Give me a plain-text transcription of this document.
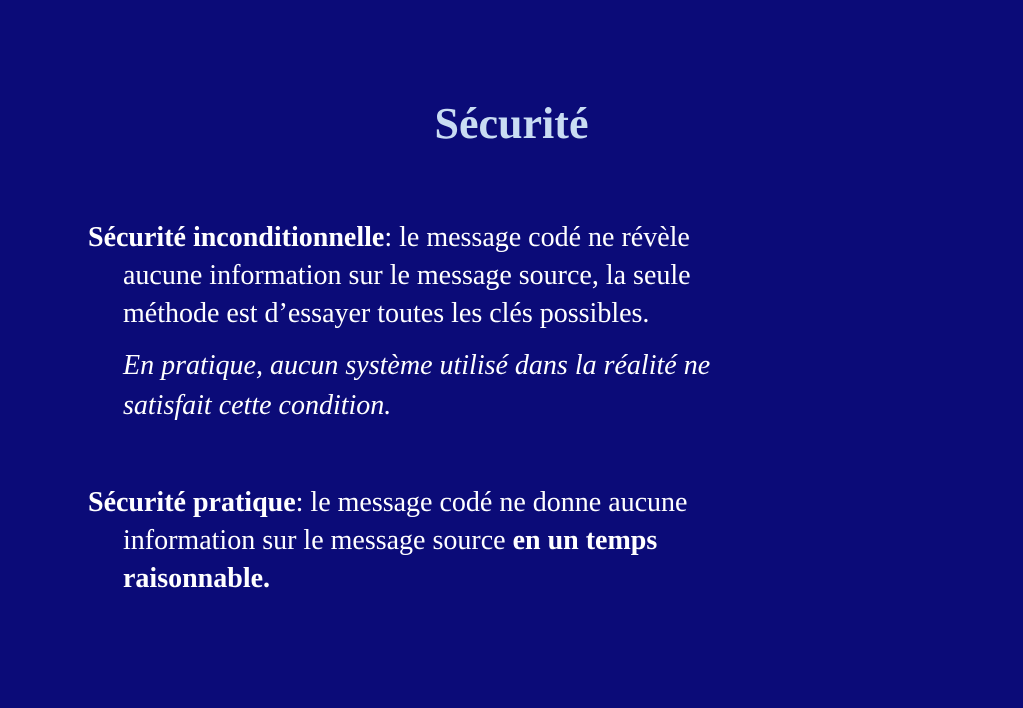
Sécurité
Sécurité inconditionnelle: le message codé ne révèle
aucune information sur le message source, la seule
méthode est d’essayer toutes les clés possibles.
En pratique, aucun système utilisé dans la réalité ne
satisfait cette condition.
Sécurité pratique: le message codé ne donne aucune
information sur le message source en un temps
raisonnable.
